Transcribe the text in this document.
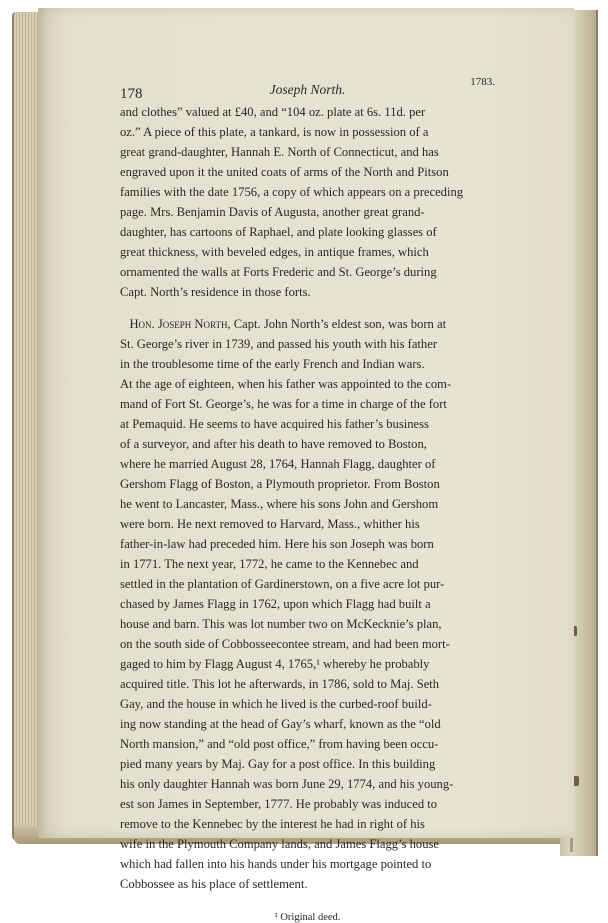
178	Joseph North.	1783.

and clothes” valued at £40, and “104 oz. plate at 6s. 11d. per
oz.” A piece of this plate, a tankard, is now in possession of a
great grand-daughter, Hannah E. North of Connecticut, and has
engraved upon it the united coats of arms of the North and Pitson
families with the date 1756, a copy of which appears on a preceding
page. Mrs. Benjamin Davis of Augusta, another great grand-
daughter, has cartoons of Raphael, and plate looking glasses of
great thickness, with beveled edges, in antique frames, which
ornamented the walls at Forts Frederic and St. George’s during
Capt. North’s residence in those forts.

Hon. Joseph North, Capt. John North’s eldest son, was born at
St. George’s river in 1739, and passed his youth with his father
in the troublesome time of the early French and Indian wars.
At the age of eighteen, when his father was appointed to the com-
mand of Fort St. George’s, he was for a time in charge of the fort
at Pemaquid. He seems to have acquired his father’s business
of a surveyor, and after his death to have removed to Boston,
where he married August 28, 1764, Hannah Flagg, daughter of
Gershom Flagg of Boston, a Plymouth proprietor. From Boston
he went to Lancaster, Mass., where his sons John and Gershom
were born. He next removed to Harvard, Mass., whither his
father-in-law had preceded him. Here his son Joseph was born
in 1771. The next year, 1772, he came to the Kennebec and
settled in the plantation of Gardinerstown, on a five acre lot pur-
chased by James Flagg in 1762, upon which Flagg had built a
house and barn. This was lot number two on McKecknie’s plan,
on the south side of Cobbosseecontee stream, and had been mort-
gaged to him by Flagg August 4, 1765,¹ whereby he probably
acquired title. This lot he afterwards, in 1786, sold to Maj. Seth
Gay, and the house in which he lived is the curbed-roof build-
ing now standing at the head of Gay’s wharf, known as the “old
North mansion,” and “old post office,” from having been occu-
pied many years by Maj. Gay for a post office. In this building
his only daughter Hannah was born June 29, 1774, and his young-
est son James in September, 1777. He probably was induced to
remove to the Kennebec by the interest he had in right of his
wife in the Plymouth Company lands, and James Flagg’s house
which had fallen into his hands under his mortgage pointed to
Cobbossee as his place of settlement.

¹ Original deed.
